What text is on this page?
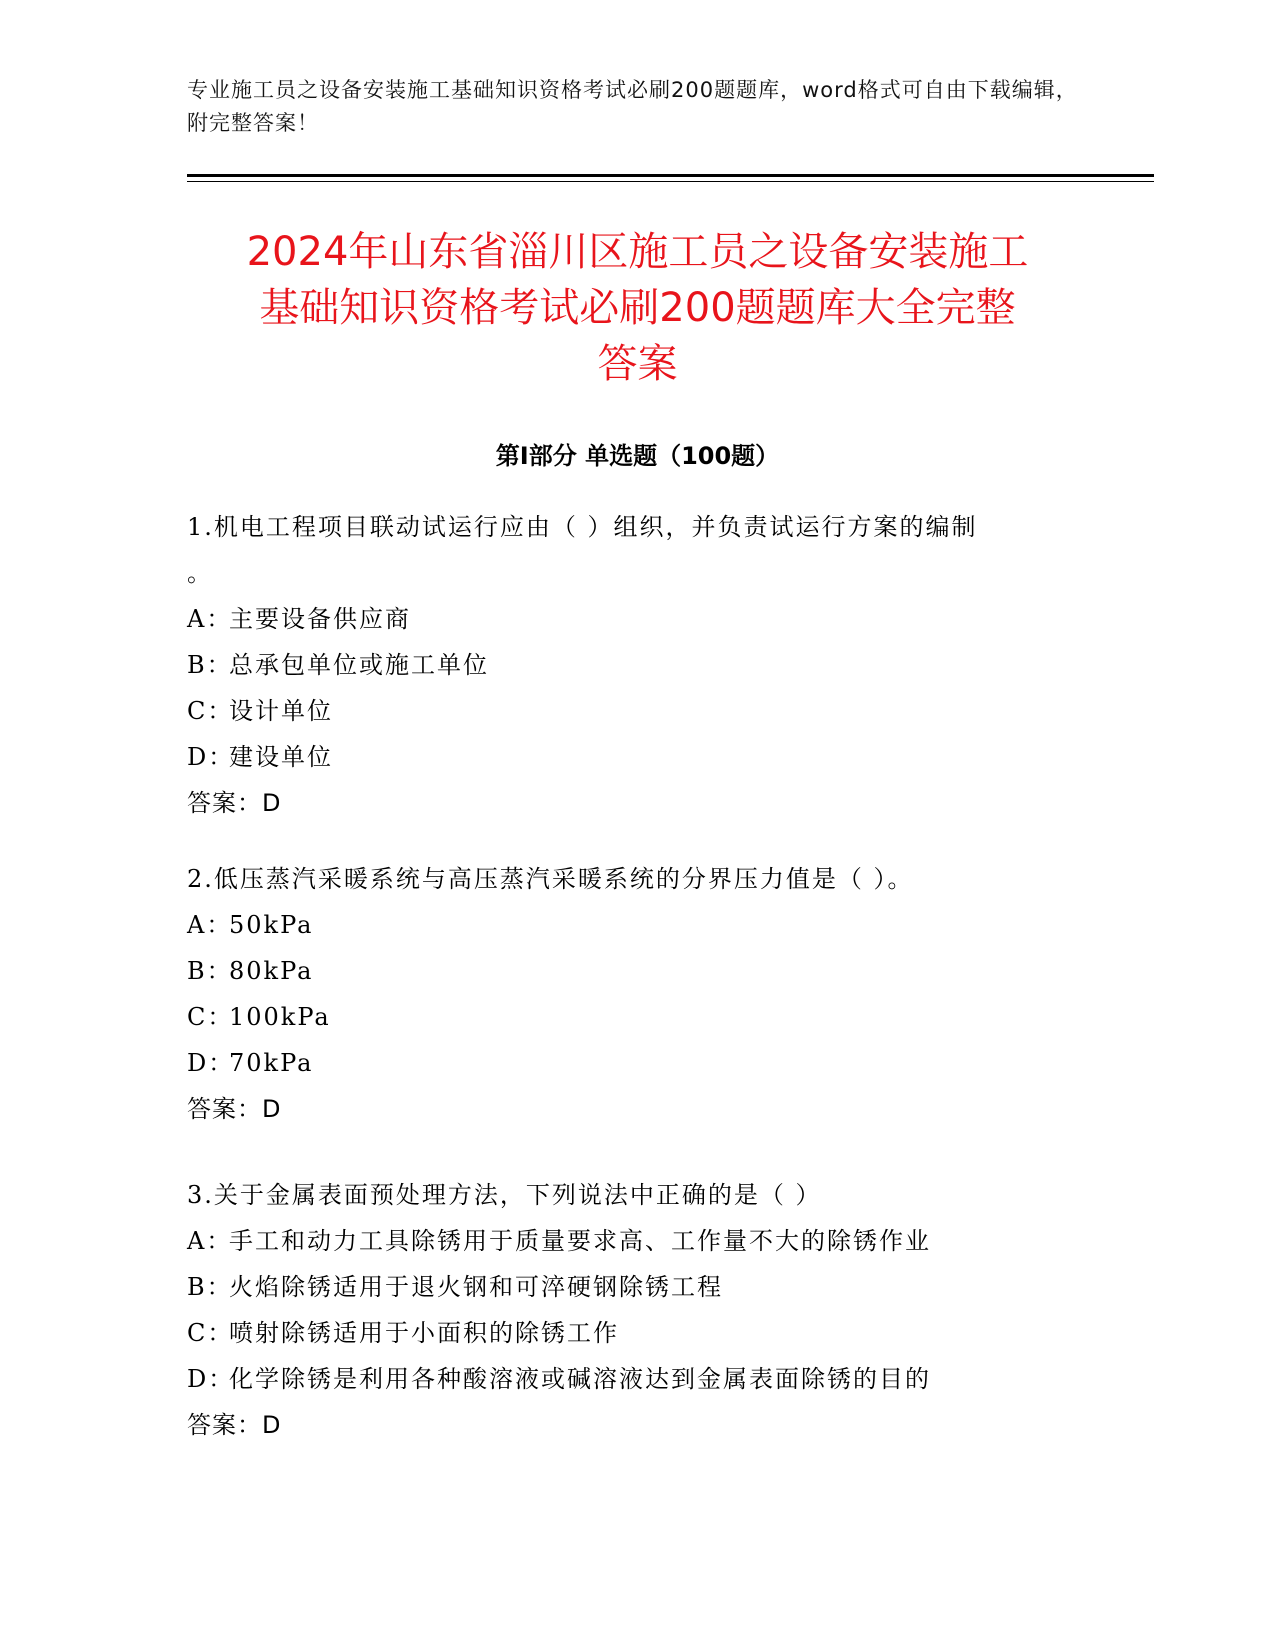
专业施工员之设备安装施工基础知识资格考试必刷200题题库，word格式可自由下载编辑，附完整答案！
2024年山东省淄川区施工员之设备安装施工
基础知识资格考试必刷200题题库大全完整
答案
第Ⅰ部分 单选题（100题）
1.机电工程项目联动试运行应由（ ）组织，并负责试运行方案的编制
。
A：主要设备供应商
B：总承包单位或施工单位
C：设计单位
D：建设单位
答案：D
2.低压蒸汽采暖系统与高压蒸汽采暖系统的分界压力值是（ ）。
A：50kPa
B：80kPa
C：100kPa
D：70kPa
答案：D
3.关于金属表面预处理方法，下列说法中正确的是（ ）
A：手工和动力工具除锈用于质量要求高、工作量不大的除锈作业
B：火焰除锈适用于退火钢和可淬硬钢除锈工程
C：喷射除锈适用于小面积的除锈工作
D：化学除锈是利用各种酸溶液或碱溶液达到金属表面除锈的目的
答案：D
